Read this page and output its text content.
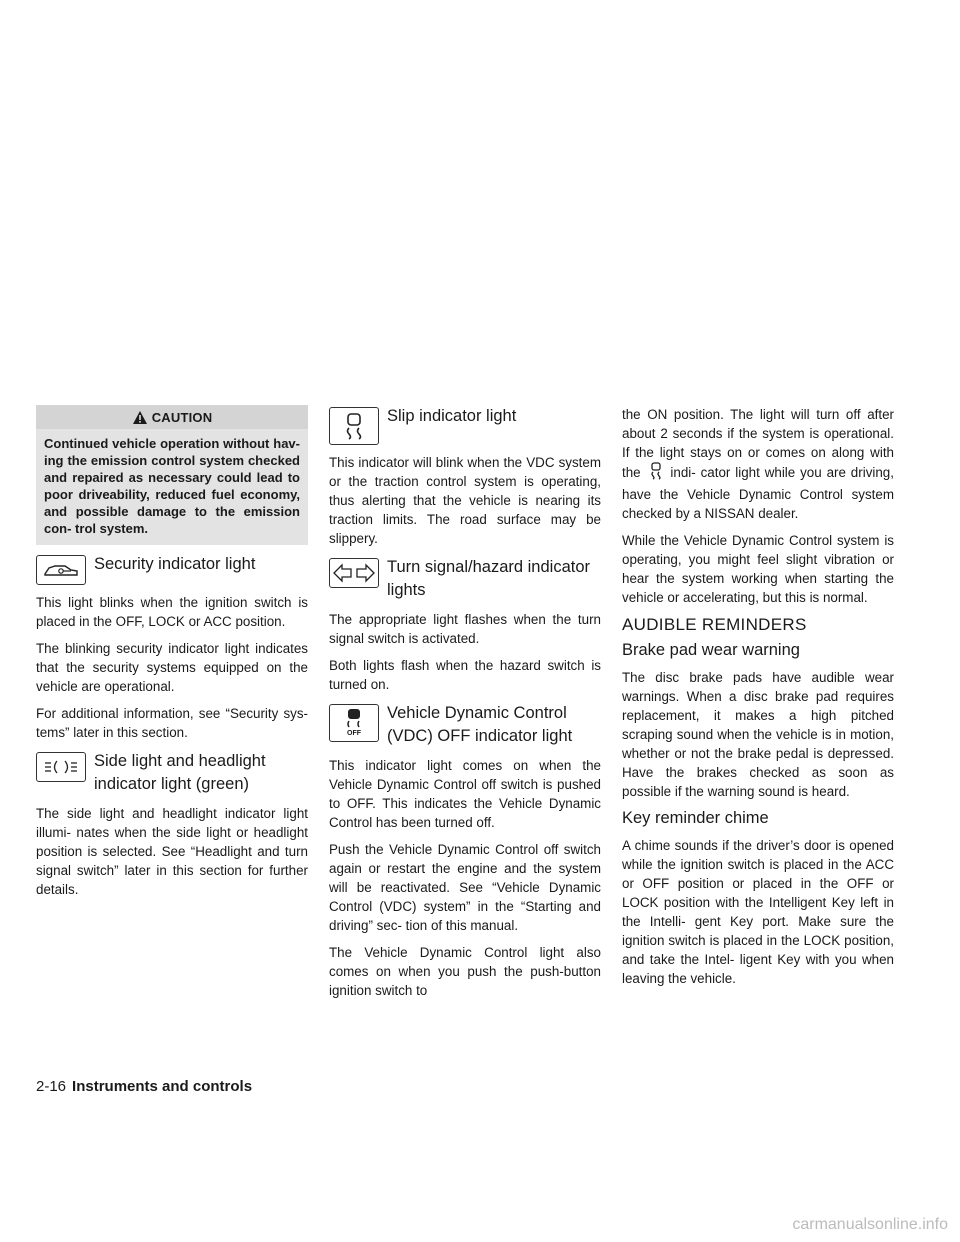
CAUTION
Continued vehicle operation without hav- ing the emission control system checked and repaired as necessary could lead to poor driveability, reduced fuel economy, and possible damage to the emission con- trol system.
Security indicator light

This light blinks when the ignition switch is placed in the OFF, LOCK or ACC position.

The blinking security indicator light indicates that the security systems equipped on the vehicle are operational.

For additional information, see “Security sys- tems” later in this section.

Side light and headlight indicator light (green)

The side light and headlight indicator light illumi- nates when the side light or headlight position is selected. See “Headlight and turn signal switch” later in this section for further details.

Slip indicator light

This indicator will blink when the VDC system or the traction control system is operating, thus alerting that the vehicle is nearing its traction limits. The road surface may be slippery.

Turn signal/hazard indicator lights

The appropriate light flashes when the turn signal switch is activated.

Both lights flash when the hazard switch is turned on.

OFF
Vehicle Dynamic Control (VDC) OFF indicator light

This indicator light comes on when the Vehicle Dynamic Control off switch is pushed to OFF. This indicates the Vehicle Dynamic Control has been turned off.

Push the Vehicle Dynamic Control off switch again or restart the engine and the system will be reactivated. See “Vehicle Dynamic Control (VDC) system” in the “Starting and driving” sec- tion of this manual.

The Vehicle Dynamic Control light also comes on when you push the push-button ignition switch to

the ON position. The light will turn off after about 2 seconds if the system is operational. If the light stays on or comes on along with the indi- cator light while you are driving, have the Vehicle Dynamic Control system checked by a NISSAN dealer.

While the Vehicle Dynamic Control system is operating, you might feel slight vibration or hear the system working when starting the vehicle or accelerating, but this is normal.

AUDIBLE REMINDERS
Brake pad wear warning

The disc brake pads have audible wear warnings. When a disc brake pad requires replacement, it makes a high pitched scraping sound when the vehicle is in motion, whether or not the brake pedal is depressed. Have the brakes checked as soon as possible if the warning sound is heard.

Key reminder chime

A chime sounds if the driver’s door is opened while the ignition switch is placed in the ACC or OFF position or placed in the OFF or LOCK position with the Intelligent Key left in the Intelli- gent Key port. Make sure the ignition switch is placed in the LOCK position, and take the Intel- ligent Key with you when leaving the vehicle.

2-16 Instruments and controls
carmanualsonline.info
